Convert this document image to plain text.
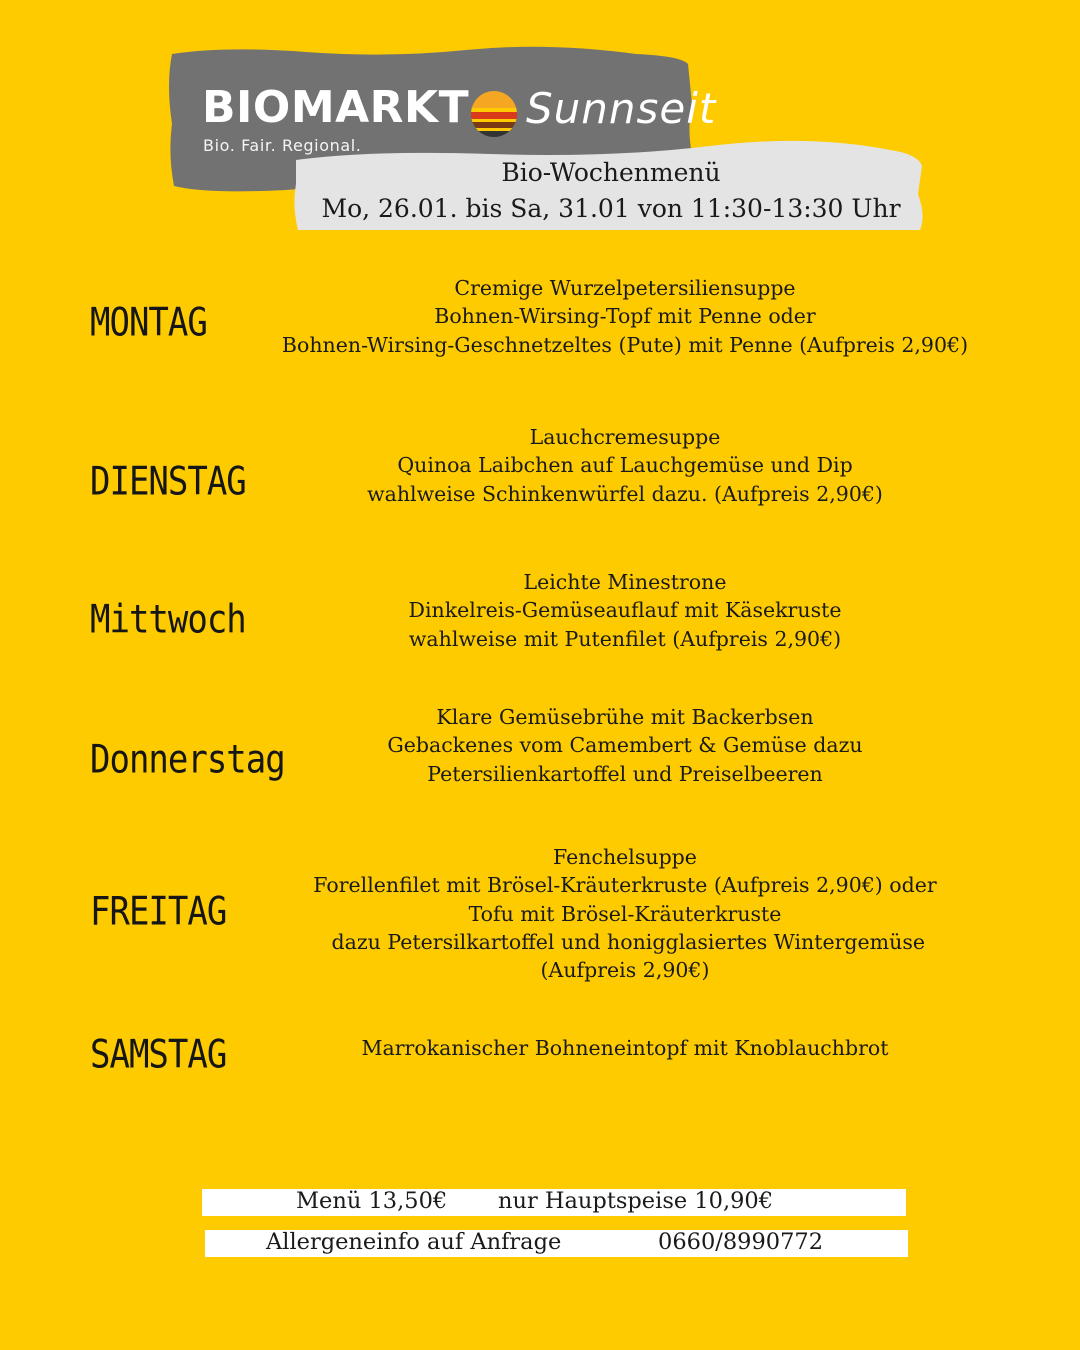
BIOMARKT Sunnseit
Bio. Fair. Regional.
Bio-Wochenmenü
Mo, 26.01. bis Sa, 31.01 von 11:30-13:30 Uhr
MONTAG
Cremige Wurzelpetersiliensuppe
Bohnen-Wirsing-Topf mit Penne oder
Bohnen-Wirsing-Geschnetzeltes (Pute) mit Penne (Aufpreis 2,90€)
DIENSTAG
Lauchcremesuppe
Quinoa Laibchen auf Lauchgemüse und Dip
wahlweise Schinkenwürfel dazu. (Aufpreis 2,90€)
Mittwoch
Leichte Minestrone
Dinkelreis-Gemüseauflauf mit Käsekruste
wahlweise mit Putenfilet (Aufpreis 2,90€)
Donnerstag
Klare Gemüsebrühe mit Backerbsen
Gebackenes vom Camembert & Gemüse dazu
Petersilienkartoffel und Preiselbeeren
FREITAG
Fenchelsuppe
Forellenfilet mit Brösel-Kräuterkruste (Aufpreis 2,90€) oder
Tofu mit Brösel-Kräuterkruste
dazu Petersilkartoffel und honigglasiertes Wintergemüse
(Aufpreis 2,90€)
SAMSTAG	Marrokanischer Bohneneintopf mit Knoblauchbrot
Menü 13,50€ nur Hauptspeise 10,90€
Allergeneinfo auf Anfrage	0660/8990772
